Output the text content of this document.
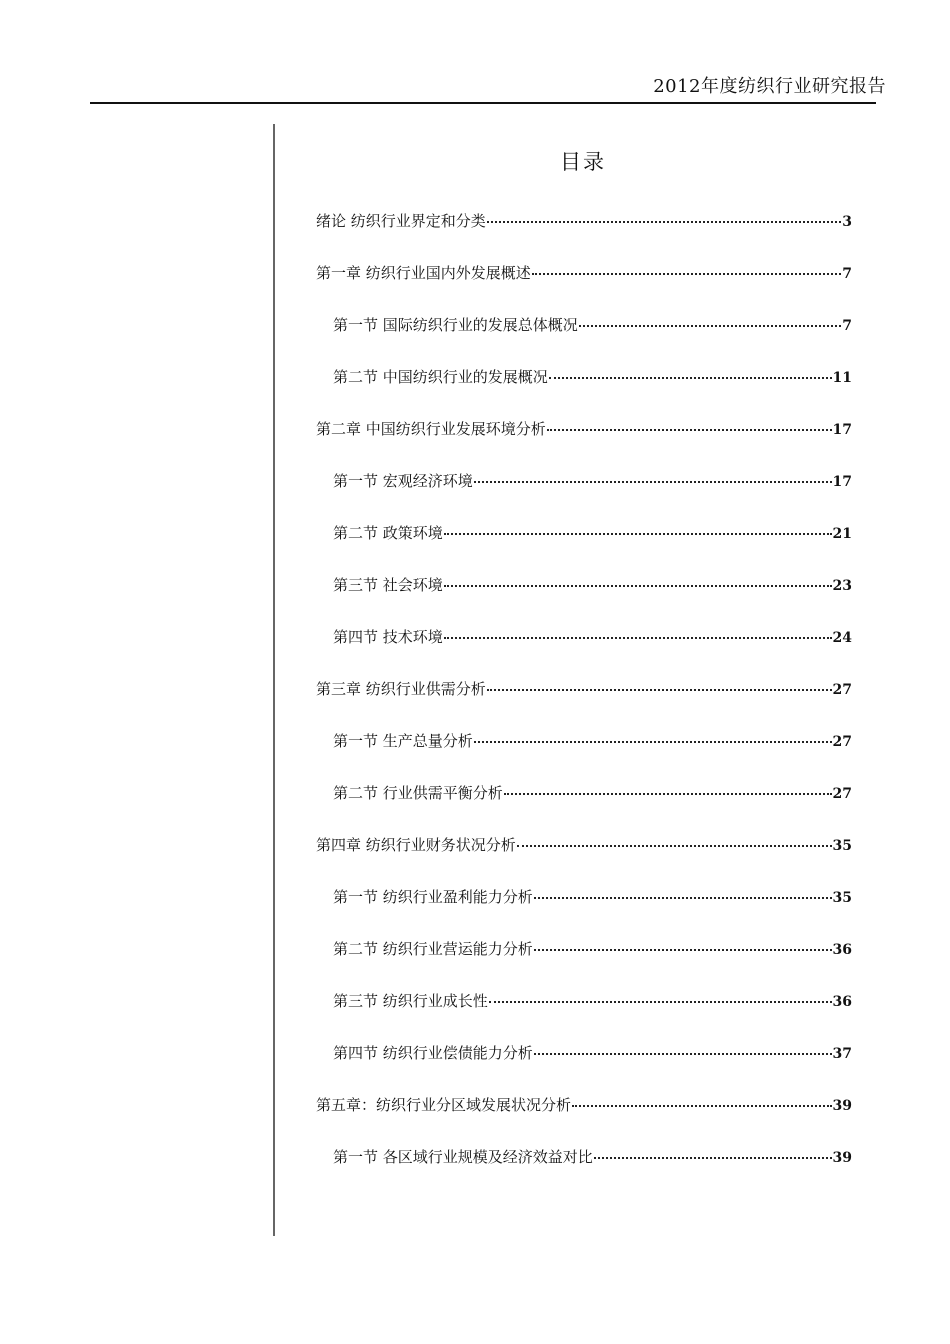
2012年度纺织行业研究报告
目录
绪论 纺织行业界定和分类	3
第一章 纺织行业国内外发展概述	7
第一节 国际纺织行业的发展总体概况	7
第二节 中国纺织行业的发展概况	11
第二章 中国纺织行业发展环境分析	17
第一节 宏观经济环境	17
第二节 政策环境	21
第三节 社会环境	23
第四节 技术环境	24
第三章 纺织行业供需分析	27
第一节 生产总量分析	27
第二节 行业供需平衡分析	27
第四章 纺织行业财务状况分析	35
第一节 纺织行业盈利能力分析	35
第二节 纺织行业营运能力分析	36
第三节 纺织行业成长性	36
第四节 纺织行业偿债能力分析	37
第五章：纺织行业分区域发展状况分析	39
第一节 各区域行业规模及经济效益对比	39
